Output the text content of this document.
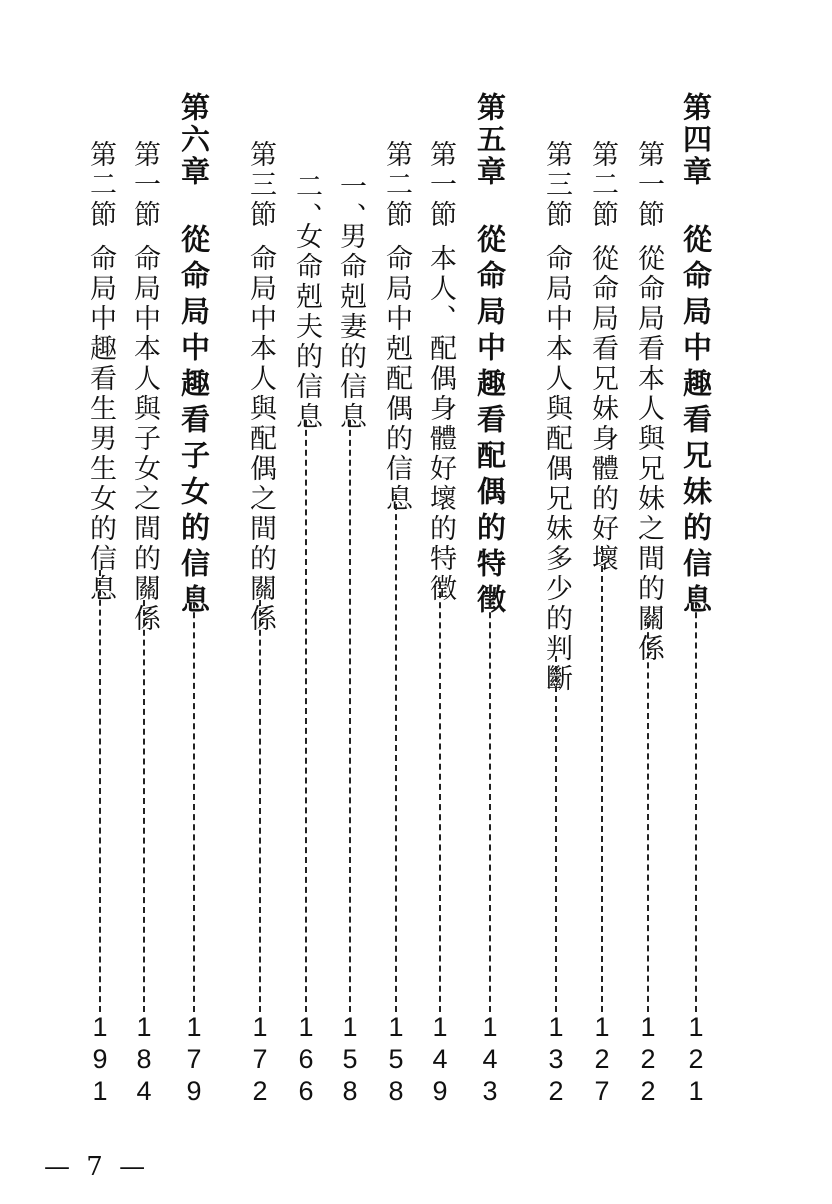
第四章
從命局中趣看兄妹的信息
121
第一節
從命局看本人與兄妹之間的關係
122
第二節
從命局看兄妹身體的好壞
127
第三節
命局中本人與配偶兄妹多少的判斷
132
第五章
從命局中趣看配偶的特徵
143
第一節
本人、配偶身體好壞的特徵
149
第二節
命局中剋配偶的信息
158
一、
男命剋妻的信息
158
二、
女命剋夫的信息
166
第三節
命局中本人與配偶之間的關係
172
第六章
從命局中趣看子女的信息
179
第一節
命局中本人與子女之間的關係
184
第二節
命局中趣看生男生女的信息
191
— 7 —
